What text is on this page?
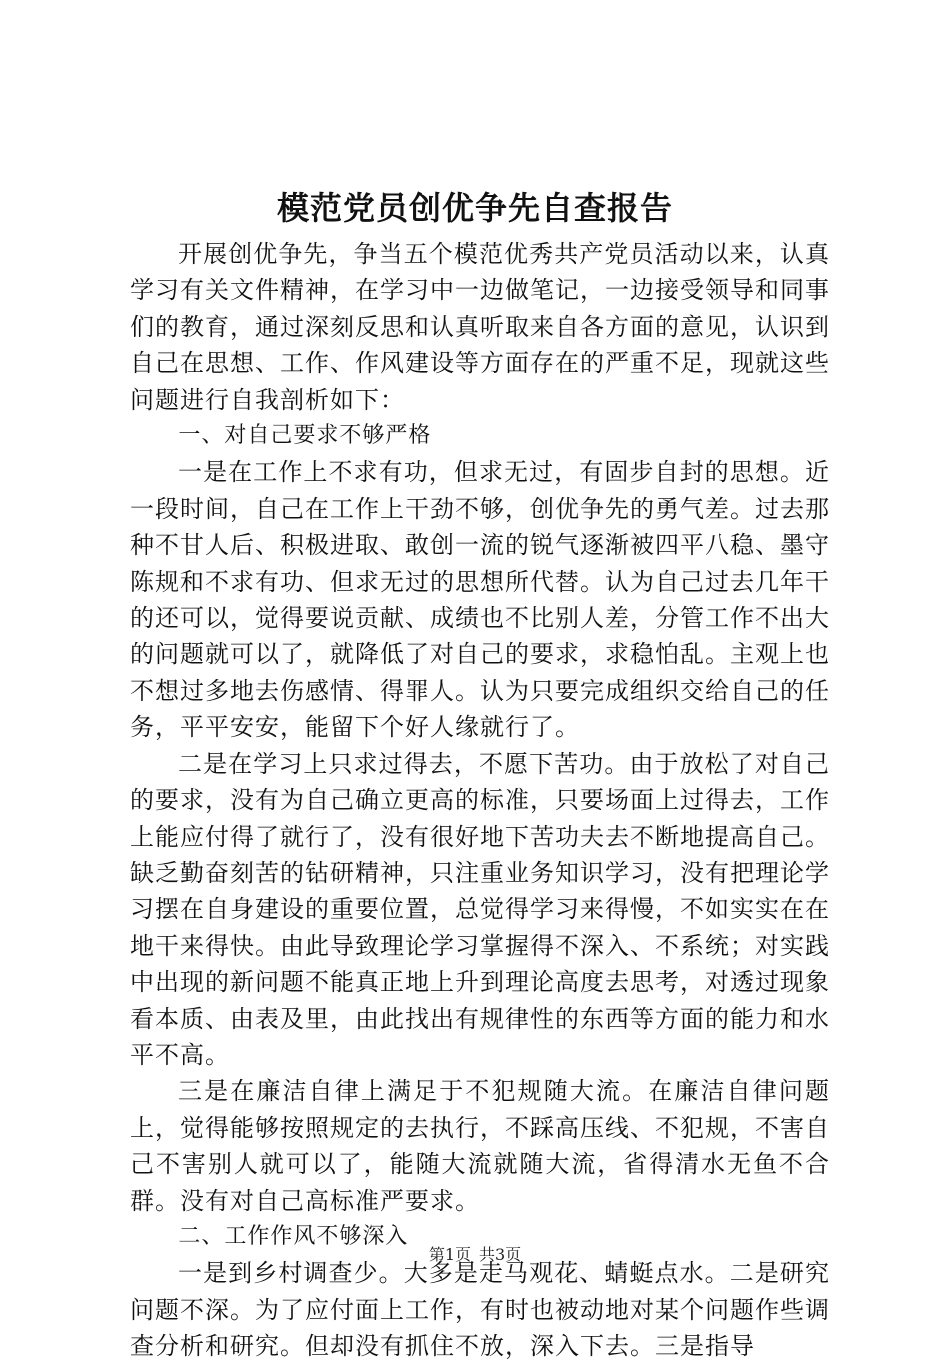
模范党员创优争先自查报告

开展创优争先，争当五个模范优秀共产党员活动以来，认真学习有关文件精神，在学习中一边做笔记，一边接受领导和同事们的教育，通过深刻反思和认真听取来自各方面的意见，认识到自己在思想、工作、作风建设等方面存在的严重不足，现就这些问题进行自我剖析如下：

一、对自己要求不够严格

一是在工作上不求有功，但求无过，有固步自封的思想。近一段时间，自己在工作上干劲不够，创优争先的勇气差。过去那种不甘人后、积极进取、敢创一流的锐气逐渐被四平八稳、墨守陈规和不求有功、但求无过的思想所代替。认为自己过去几年干的还可以，觉得要说贡献、成绩也不比别人差，分管工作不出大的问题就可以了，就降低了对自己的要求，求稳怕乱。主观上也不想过多地去伤感情、得罪人。认为只要完成组织交给自己的任务，平平安安，能留下个好人缘就行了。

二是在学习上只求过得去，不愿下苦功。由于放松了对自己的要求，没有为自己确立更高的标准，只要场面上过得去，工作上能应付得了就行了，没有很好地下苦功夫去不断地提高自己。缺乏勤奋刻苦的钻研精神，只注重业务知识学习，没有把理论学习摆在自身建设的重要位置，总觉得学习来得慢，不如实实在在地干来得快。由此导致理论学习掌握得不深入、不系统；对实践中出现的新问题不能真正地上升到理论高度去思考，对透过现象看本质、由表及里，由此找出有规律性的东西等方面的能力和水平不高。

三是在廉洁自律上满足于不犯规随大流。在廉洁自律问题上，觉得能够按照规定的去执行，不踩高压线、不犯规，不害自己不害别人就可以了，能随大流就随大流，省得清水无鱼不合群。没有对自己高标准严要求。

二、工作作风不够深入

一是到乡村调查少。大多是走马观花、蜻蜓点水。二是研究问题不深。为了应付面上工作，有时也被动地对某个问题作些调查分析和研究。但却没有抓住不放，深入下去。三是指导

第1页 共3页
